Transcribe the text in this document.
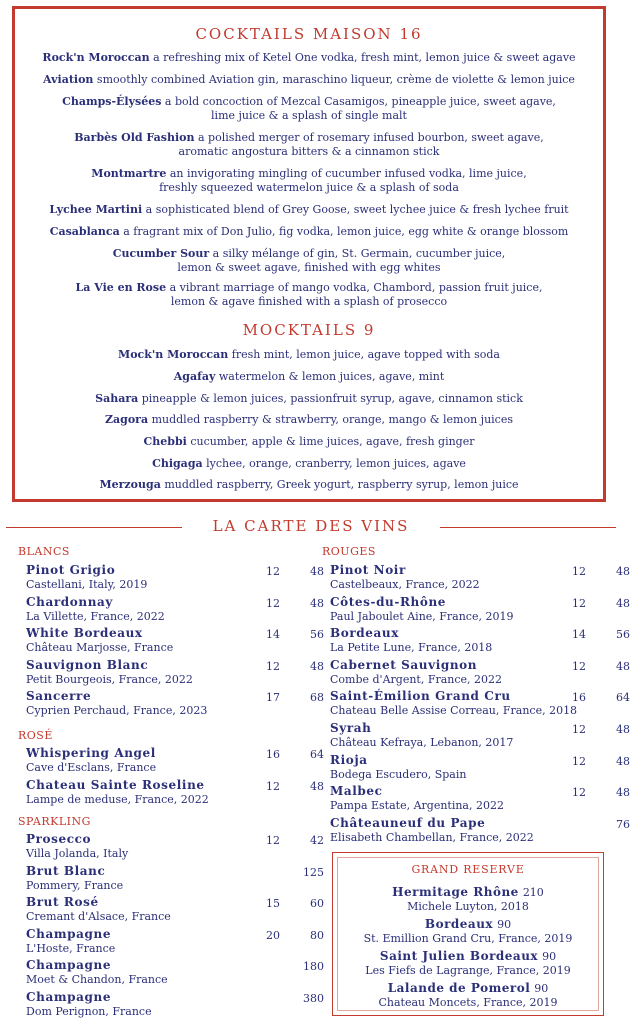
COCKTAILS MAISON 16
Rock'n Moroccan a refreshing mix of Ketel One vodka, fresh mint, lemon juice & sweet agave

Aviation smoothly combined Aviation gin, maraschino liqueur, crème de violette & lemon juice

Champs-Élysées a bold concoction of Mezcal Casamigos, pineapple juice, sweet agave,
lime juice & a splash of single malt
Barbès Old Fashion a polished merger of rosemary infused bourbon, sweet agave,
aromatic angostura bitters & a cinnamon stick
Montmartre an invigorating mingling of cucumber infused vodka, lime juice,
freshly squeezed watermelon juice & a splash of soda
Lychee Martini a sophisticated blend of Grey Goose, sweet lychee juice & fresh lychee fruit

Casablanca a fragrant mix of Don Julio, fig vodka, lemon juice, egg white & orange blossom

Cucumber Sour a silky mélange of gin, St. Germain, cucumber juice,
lemon & sweet agave, finished with egg whites
La Vie en Rose a vibrant marriage of mango vodka, Chambord, passion fruit juice,
lemon & agave finished with a splash of prosecco
MOCKTAILS 9
Mock'n Moroccan fresh mint, lemon juice, agave topped with soda
Agafay watermelon & lemon juices, agave, mint
Sahara pineapple & lemon juices, passionfruit syrup, agave, cinnamon stick
Zagora muddled raspberry & strawberry, orange, mango & lemon juices
Chebbi cucumber, apple & lime juices, agave, fresh ginger
Chigaga lychee, orange, cranberry, lemon juices, agave
Merzouga muddled raspberry, Greek yogurt, raspberry syrup, lemon juice
LA CARTE DES VINS
BLANCS
ROSÉ
SPARKLING
ROUGES
Pinot Grigio
Castellani, Italy, 2019
12	48
Chardonnay
La Villette, France, 2022
12	48
White Bordeaux
Château Marjosse, France
14	56
Sauvignon Blanc
Petit Bourgeois, France, 2022
12	48
Sancerre
Cyprien Perchaud, France, 2023
17	68
Whispering Angel
Cave d'Esclans, France
16	64
Chateau Sainte Roseline
Lampe de meduse, France, 2022
12	48
Prosecco
Villa Jolanda, Italy
12	42
Brut Blanc
Pommery, France
125
Brut Rosé
Cremant d'Alsace, France
15	60
Champagne
L'Hoste, France
20	80
Champagne
Moet & Chandon, France
180
Champagne
Dom Perignon, France
380
Pinot Noir
Castelbeaux, France, 2022
12	48
Côtes-du-Rhône
Paul Jaboulet Aine, France, 2019
12	48
Bordeaux
La Petite Lune, France, 2018
14	56
Cabernet Sauvignon
Combe d'Argent, France, 2022
12	48
Saint-Émilion Grand Cru
Chateau Belle Assise Correau, France, 2018
16	64
Syrah
Château Kefraya, Lebanon, 2017
12	48
Rioja
Bodega Escudero, Spain
12	48
Malbec
Pampa Estate, Argentina, 2022
12	48
Châteauneuf du Pape
Elisabeth Chambellan, France, 2022
76
GRAND RESERVE
Hermitage Rhône 210
Michele Luyton, 2018
Bordeaux 90
St. Emillion Grand Cru, France, 2019
Saint Julien Bordeaux 90
Les Fiefs de Lagrange, France, 2019
Lalande de Pomerol 90
Chateau Moncets, France, 2019
